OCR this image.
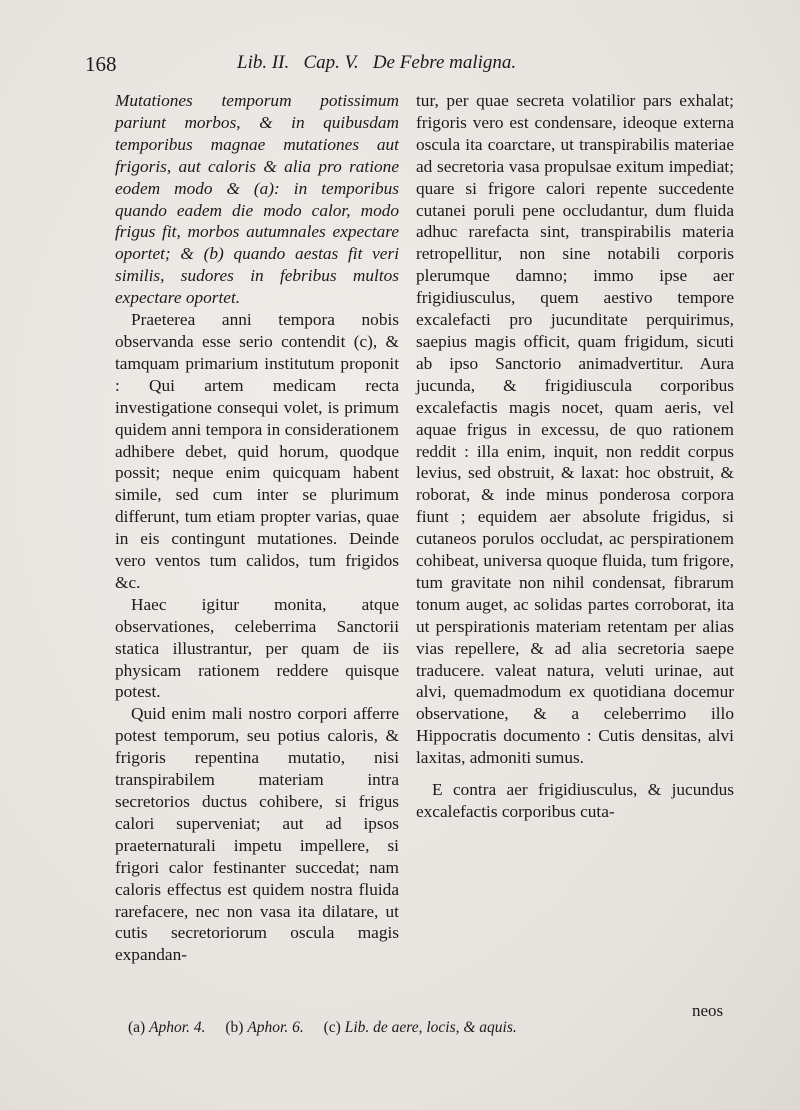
168	Lib. II.   Cap. V.   De Febre maligna.

Mutationes temporum potissimum pariunt morbos, & in quibusdam temporibus magnae mutationes aut frigoris, aut caloris & alia pro ratione eodem modo & (a): in temporibus quando eadem die modo calor, modo frigus fit, morbos autumnales expectare oportet; & (b) quando aestas fit veri similis, sudores in febribus multos expectare oportet.

Praeterea anni tempora nobis observanda esse serio contendit (c), & tamquam primarium institutum proponit : Qui artem medicam recta investigatione consequi volet, is primum quidem anni tempora in considerationem adhibere debet, quid horum, quodque possit; neque enim quicquam habent simile, sed cum inter se plurimum differunt, tum etiam propter varias, quae in eis contingunt mutationes. Deinde vero ventos tum calidos, tum frigidos &c.

Haec igitur monita, atque observationes, celeberrima Sanctorii statica illustrantur, per quam de iis physicam rationem reddere quisque potest.

Quid enim mali nostro corpori afferre potest temporum, seu potius caloris, & frigoris repentina mutatio, nisi transpirabilem materiam intra secretorios ductus cohibere, si frigus calori superveniat; aut ad ipsos praeternaturali impetu impellere, si frigori calor festinanter succedat; nam caloris effectus est quidem nostra fluida rarefacere, nec non vasa ita dilatare, ut cutis secretoriorum oscula magis expandan-

tur, per quae secreta volatilior pars exhalat; frigoris vero est condensare, ideoque externa oscula ita coarctare, ut transpirabilis materiae ad secretoria vasa propulsae exitum impediat; quare si frigore calori repente succedente cutanei poruli pene occludantur, dum fluida adhuc rarefacta sint, transpirabilis materia retropellitur, non sine notabili corporis plerumque damno; immo ipse aer frigidiusculus, quem aestivo tempore excalefacti pro jucunditate perquirimus, saepius magis officit, quam frigidum, sicuti ab ipso Sanctorio animadvertitur. Aura jucunda, & frigidiuscula corporibus excalefactis magis nocet, quam aeris, vel aquae frigus in excessu, de quo rationem reddit : illa enim, inquit, non reddit corpus levius, sed obstruit, & laxat: hoc obstruit, & roborat, & inde minus ponderosa corpora fiunt ; equidem aer absolute frigidus, si cutaneos porulos occludat, ac perspirationem cohibeat, universa quoque fluida, tum frigore, tum gravitate non nihil condensat, fibrarum tonum auget, ac solidas partes corroborat, ita ut perspirationis materiam retentam per alias vias repellere, & ad alia secretoria saepe traducere. valeat natura, veluti urinae, aut alvi, quemadmodum ex quotidiana docemur observatione, & a celeberrimo illo Hippocratis documento : Cutis densitas, alvi laxitas, admoniti sumus.

E contra aer frigidiusculus, & jucundus excalefactis corporibus cuta-

neos
(a) Aphor. 4. (b) Aphor. 6. (c) Lib. de aere, locis, & aquis.
